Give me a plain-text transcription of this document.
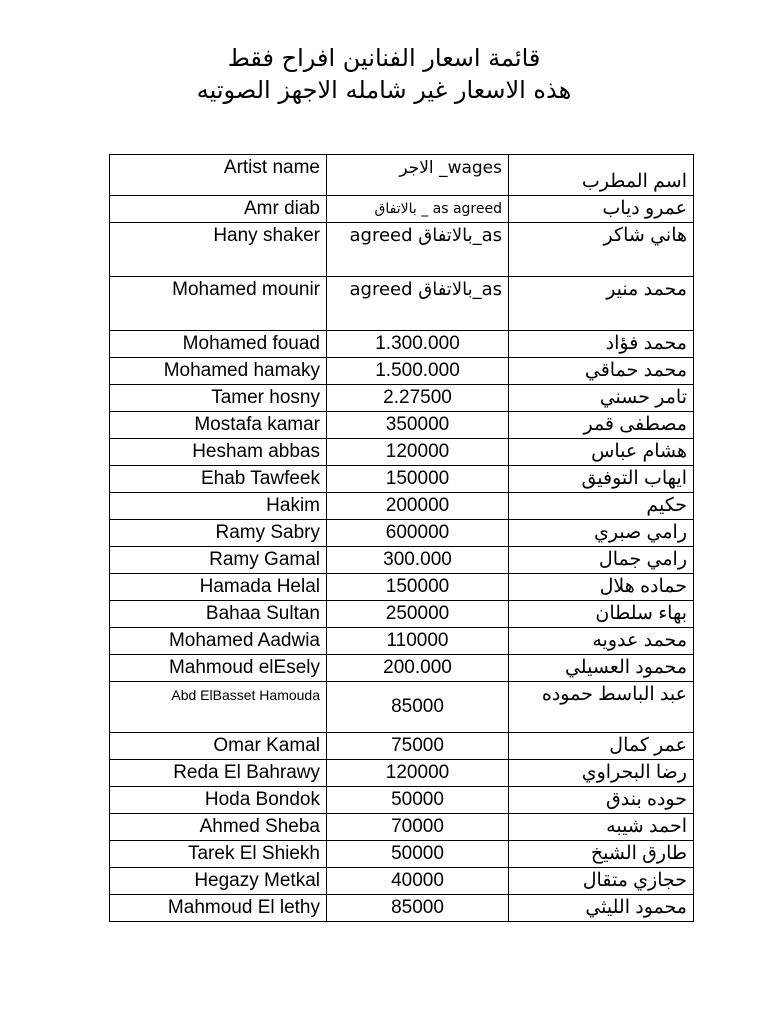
قائمة اسعار الفنانين افراح فقط
هذه الاسعار غير شامله الاجهز الصوتيه
Artist name	wages_ الاجر	اسم المطرب
Amr diab	as agreed _ بالاتفاق	عمرو دياب
Hany shaker	as_بالاتفاق agreed	هاني شاكر
Mohamed mounir	as_بالاتفاق agreed	محمد منير
Mohamed fouad	1.300.000	محمد فؤاد
Mohamed hamaky	1.500.000	محمد حماقي
Tamer hosny	2.27500	تامر حسني
Mostafa kamar	350000	مصطفى قمر
Hesham abbas	120000	هشام عباس
Ehab Tawfeek	150000	ايهاب التوفيق
Hakim	200000	حكيم
Ramy Sabry	600000	رامي صبري
Ramy Gamal	300.000	رامي جمال
Hamada Helal	150000	حماده هلال
Bahaa Sultan	250000	بهاء سلطان
Mohamed Aadwia	110000	محمد عدويه
Mahmoud elEsely	200.000	محمود العسيلي
Abd ElBasset Hamouda	85000	عبد الباسط حموده
Omar Kamal	75000	عمر كمال
Reda El Bahrawy	120000	رضا البحراوي
Hoda Bondok	50000	حوده بندق
Ahmed Sheba	70000	احمد شيبه
Tarek El Shiekh	50000	طارق الشيخ
Hegazy Metkal	40000	حجازي متقال
Mahmoud El lethy	85000	محمود الليثي
